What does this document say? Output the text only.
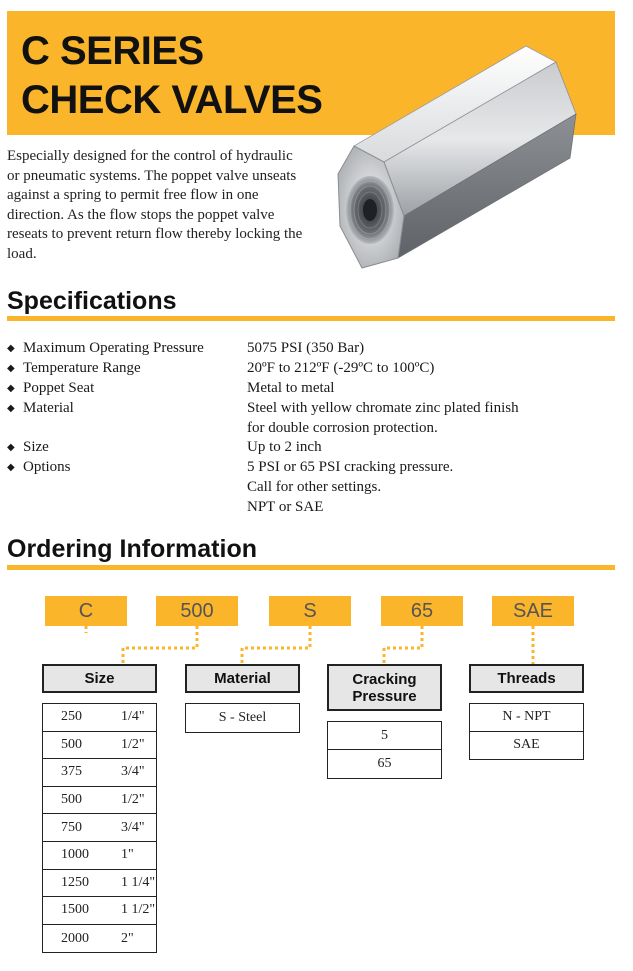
C SERIES
CHECK VALVES
Especially designed for the control of hydraulic or pneumatic systems. The poppet valve unseats against a spring to permit free flow in one direction. As the flow stops the poppet valve reseats to prevent return flow thereby locking the load.
Specifications
◆ Maximum Operating Pressure	5075 PSI (350 Bar)
◆ Temperature Range	20ºF to 212ºF (-29ºC to 100ºC)
◆ Poppet Seat	Metal to metal
◆ Material	Steel with yellow chromate zinc plated finish
for double corrosion protection.
◆ Size	Up to 2 inch
◆ Options	5 PSI or 65 PSI cracking pressure.
Call for other settings.
NPT or SAE
Ordering Information
C	500	S	65	SAE
Size
250	1/4"
500	1/2"
375	3/4"
500	1/2"
750	3/4"
1000 1"
1250 1 1/4"
1500 1 1/2"
2000 2"
Material
S - Steel
Cracking
Pressure
5
65
Threads
N - NPT
SAE
